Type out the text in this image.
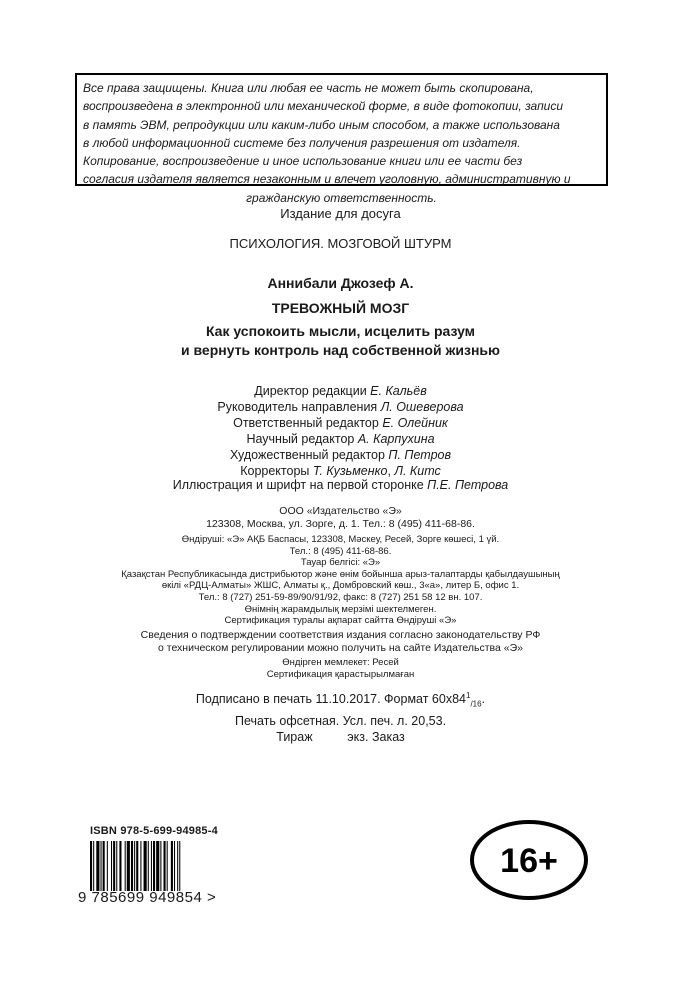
Все права защищены. Книга или любая ее часть не может быть скопирована,
воспроизведена в электронной или механической форме, в виде фотокопии, записи
в память ЭВМ, репродукции или каким-либо иным способом, а также использована
в любой информационной системе без получения разрешения от издателя.
Копирование, воспроизведение и иное использование книги или ее части без
согласия издателя является незаконным и влечет уголовную, административную и
гражданскую ответственность.
Издание для досуга
ПСИХОЛОГИЯ. МОЗГОВОЙ ШТУРМ
Аннибали Джозеф А.
ТРЕВОЖНЫЙ МОЗГ
Как успокоить мысли, исцелить разум
и вернуть контроль над собственной жизнью
Директор редакции Е. Кальёв
Руководитель направления Л. Ошеверова
Ответственный редактор Е. Олейник
Научный редактор А. Карпухина
Художественный редактор П. Петров
Корректоры Т. Кузьменко, Л. Китс
Иллюстрация и шрифт на первой сторонке П.Е. Петрова
ООО «Издательство «Э»
123308, Москва, ул. Зорге, д. 1. Тел.: 8 (495) 411-68-86.
Өндіруші: «Э» АҚБ Баспасы, 123308, Мәскеу, Ресей, Зорге көшесі, 1 үй.
Тел.: 8 (495) 411-68-86.
Тауар белгісі: «Э»
Қазақстан Республикасында дистрибьютор және өнім бойынша арыз-талаптарды қабылдаушының
өкілі «РДЦ-Алматы» ЖШС, Алматы қ., Домбровский көш., 3«а», литер Б, офис 1.
Тел.: 8 (727) 251-59-89/90/91/92, факс: 8 (727) 251 58 12 вн. 107.
Өнімнің жарамдылық мерзімі шектелмеген.
Сертификация туралы ақпарат сайтта Өндіруші «Э»
Сведения о подтверждении соответствия издания согласно законодательству РФ
о техническом регулировании можно получить на сайте Издательства «Э»
Өндірген мемлекет: Ресей
Сертификация қарастырылмаған
Подписано в печать 11.10.2017. Формат $60x84^1_{/16}$.
Печать офсетная. Усл. печ. л. 20,53.
Тираж          экз. Заказ
ISBN 978-5-699-94985-4
9 785699 949854 >
16+
